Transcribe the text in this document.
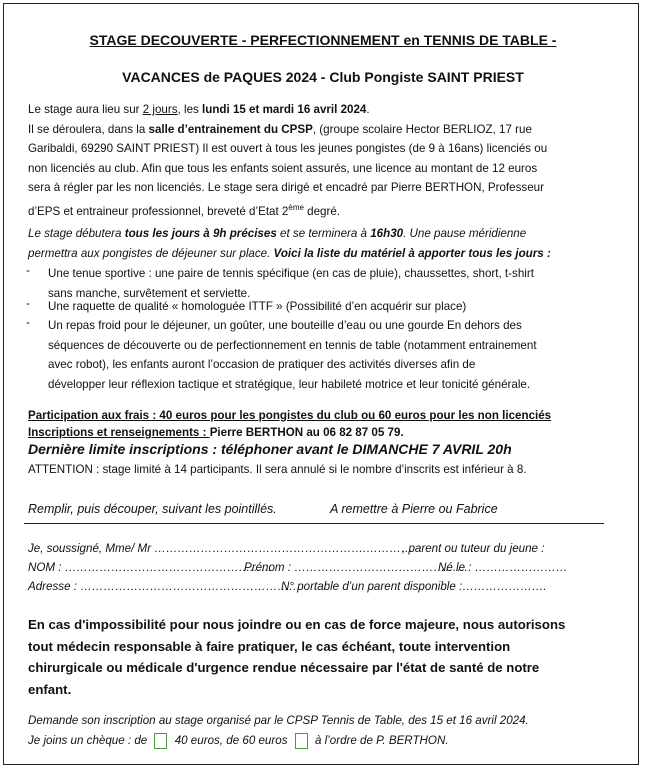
STAGE DECOUVERTE - PERFECTIONNEMENT en TENNIS DE TABLE -
VACANCES de PAQUES 2024 - Club Pongiste SAINT PRIEST
Le stage aura lieu sur 2 jours, les lundi 15 et mardi 16 avril 2024.
Il se déroulera, dans la salle d’entrainement du CPSP, (groupe scolaire Hector BERLIOZ, 17 rue
Garibaldi, 69290 SAINT PRIEST) Il est ouvert à tous les jeunes pongistes (de 9 à 16ans) licenciés ou
non licenciés au club. Afin que tous les enfants soient assurés, une licence au montant de 12 euros
sera à régler par les non licenciés. Le stage sera dirigé et encadré par Pierre BERTHON, Professeur
d’EPS et entraineur professionnel, breveté d’Etat 2ème degré.
Le stage débutera tous les jours à 9h précises et se terminera à 16h30. Une pause méridienne
permettra aux pongistes de déjeuner sur place. Voici la liste du matériel à apporter tous les jours :
- Une tenue sportive : une paire de tennis spécifique (en cas de pluie), chaussettes, short, t-shirt
sans manche, survêtement et serviette.
- Une raquette de qualité « homologuée ITTF » (Possibilité d’en acquérir sur place)
- Un repas froid pour le déjeuner, un goûter, une bouteille d’eau ou une gourde En dehors des
séquences de découverte ou de perfectionnement en tennis de table (notamment entrainement
avec robot), les enfants auront l’occasion de pratiquer des activités diverses afin de
développer leur réflexion tactique et stratégique, leur habileté motrice et leur tonicité générale.
Participation aux frais : 40 euros pour les pongistes du club ou 60 euros pour les non licenciés
Inscriptions et renseignements : Pierre BERTHON au 06 82 87 05 79.
Dernière limite inscriptions : téléphoner avant le DIMANCHE 7 AVRIL 20h
ATTENTION : stage limité à 14 participants. Il sera annulé si le nombre d’inscrits est inférieur à 8.
Remplir, puis découper, suivant les pointillés.	A remettre à Pierre ou Fabrice
Je, soussigné, Mme/ Mr ……………………………………………….…………
, parent ou tuteur du jeune :
NOM : ………………………………………….…..
Prénom : ………………………………………
Né le : ……………………
Adresse : …………………………………………………
N° portable d’un parent disponible :………………….
En cas d'impossibilité pour nous joindre ou en cas de force majeure, nous autorisons
tout médecin responsable à faire pratiquer, le cas échéant, toute intervention
chirurgicale ou médicale d'urgence rendue nécessaire par l'état de santé de notre
enfant.
Demande son inscription au stage organisé par le CPSP Tennis de Table, des 15 et 16 avril 2024.
Je joins un chèque : de  40 euros, de 60 euros  à l’ordre de P. BERTHON.
